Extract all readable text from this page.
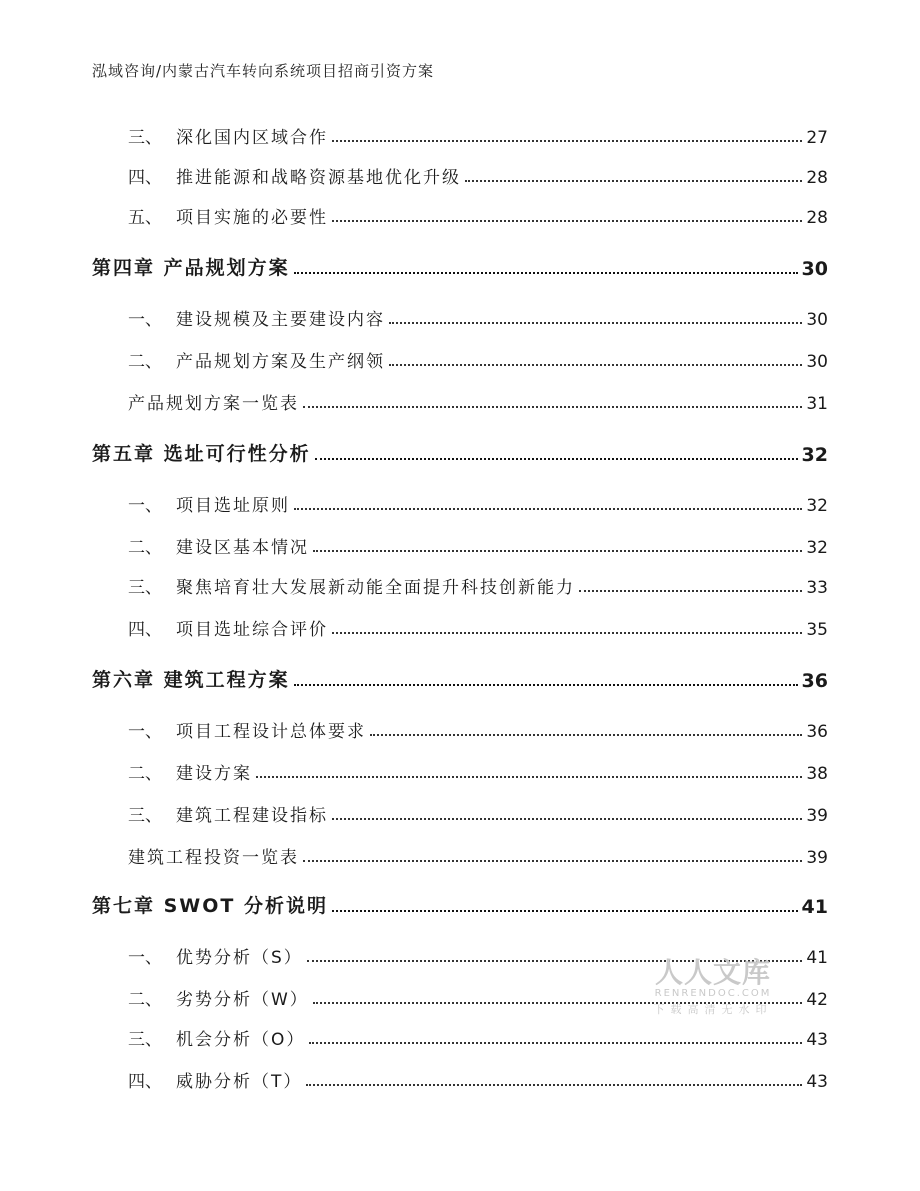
泓域咨询/内蒙古汽车转向系统项目招商引资方案
三、 深化国内区域合作	27
四、 推进能源和战略资源基地优化升级	28
五、 项目实施的必要性	28
第四章 产品规划方案	30
一、 建设规模及主要建设内容	30
二、 产品规划方案及生产纲领	30
产品规划方案一览表	31
第五章 选址可行性分析	32
一、 项目选址原则	32
二、 建设区基本情况	32
三、 聚焦培育壮大发展新动能全面提升科技创新能力	33
四、 项目选址综合评价	35
第六章 建筑工程方案	36
一、 项目工程设计总体要求	36
二、 建设方案	38
三、 建筑工程建设指标	39
建筑工程投资一览表	39
第七章 SWOT 分析说明	41
一、 优势分析（S）	41
二、 劣势分析（W）	42
三、 机会分析（O）	43
四、 威胁分析（T）	43
人人文库
RENRENDOC.COM
下载高清无水印
